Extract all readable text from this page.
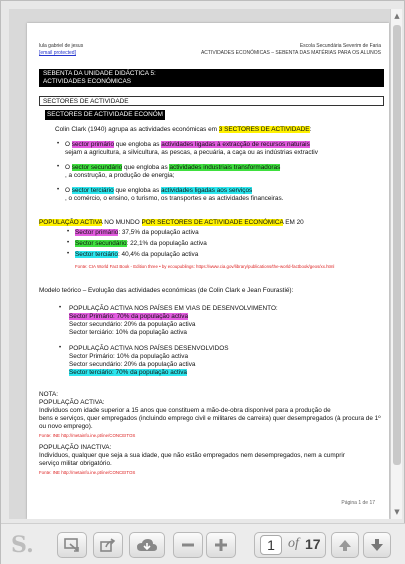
lula gabriel de jesus
[email protected]
Escola Secundária Severim de Faria
ACTIVIDADES ECONÓMICAS – SEBENTA DAS MATÉRIAS PARA OS ALUNOS
SEBENTA DA UNIDADE DIDÁCTICA 5:
ACTIVIDADES ECONÓMICAS
SECTORES DE ACTIVIDADE
SECTORES DE ACTIVIDADE ECONÓM
Colin Clark (1940) agrupa as actividades económicas em 3 SECTORES DE ACTIVIDADE:
• O sector primário que engloba as actividades ligadas à extracção de recursos naturais
sejam a agricultura, a silvicultura, as pescas, a pecuária, a caça ou as indústrias extractiv
• O sector secundário que engloba as actividades industriais transformadoras
, a construção, a produção de energia;
• O sector terciário que engloba as actividades ligadas aos serviços
, o comércio, o ensino, o turismo, os transportes e as actividades financeiras.
POPULAÇÃO ACTIVA NO MUNDO POR SECTORES DE ACTIVIDADE ECONÓMICA EM 20
• Sector primário: 37,5% da população activa
• Sector secundário: 22,1% da população activa
• Sector terciário: 40,4% da população activa
Fonte: CIA World Fact Book - Edition three • by ecoupublings: https://www.cia.gov/library/publications/the-world-factbook/geos/xx.html
Modelo teórico – Evolução das actividades económicas (de Colin Clark e Jean Fourastié):
• POPULAÇÃO ACTIVA NOS PAÍSES EM VIAS DE DESENVOLVIMENTO:
Sector Primário: 70% da população activa
Sector secundário: 20% da população activa
Sector terciário: 10% da população activa
• POPULAÇÃO ACTIVA NOS PAÍSES DESENVOLVIDOS
Sector Primário: 10% da população activa
Sector secundário: 20% da população activa
Sector terciário: 70% da população activa
NOTA:
POPULAÇÃO ACTIVA:
Indivíduos com idade superior a 15 anos que constituem a mão-de-obra disponível para a produção de
bens e serviços, quer empregados (incluindo emprego civil e militares de carreira) quer desempregados (à procura de 1º
ou novo emprego).
Fonte: INE http://metainfo.ine.pt/ine/CONCEITOS
POPULAÇÃO INACTIVA:
Indivíduos, qualquer que seja a sua idade, que não estão empregados nem desempregados, nem a cumprir
serviço militar obrigatório.
Fonte: INE http://metainfo.ine.pt/ine/CONCEITOS
Página 1 de 17
▲
▼
S.	1 of 17
